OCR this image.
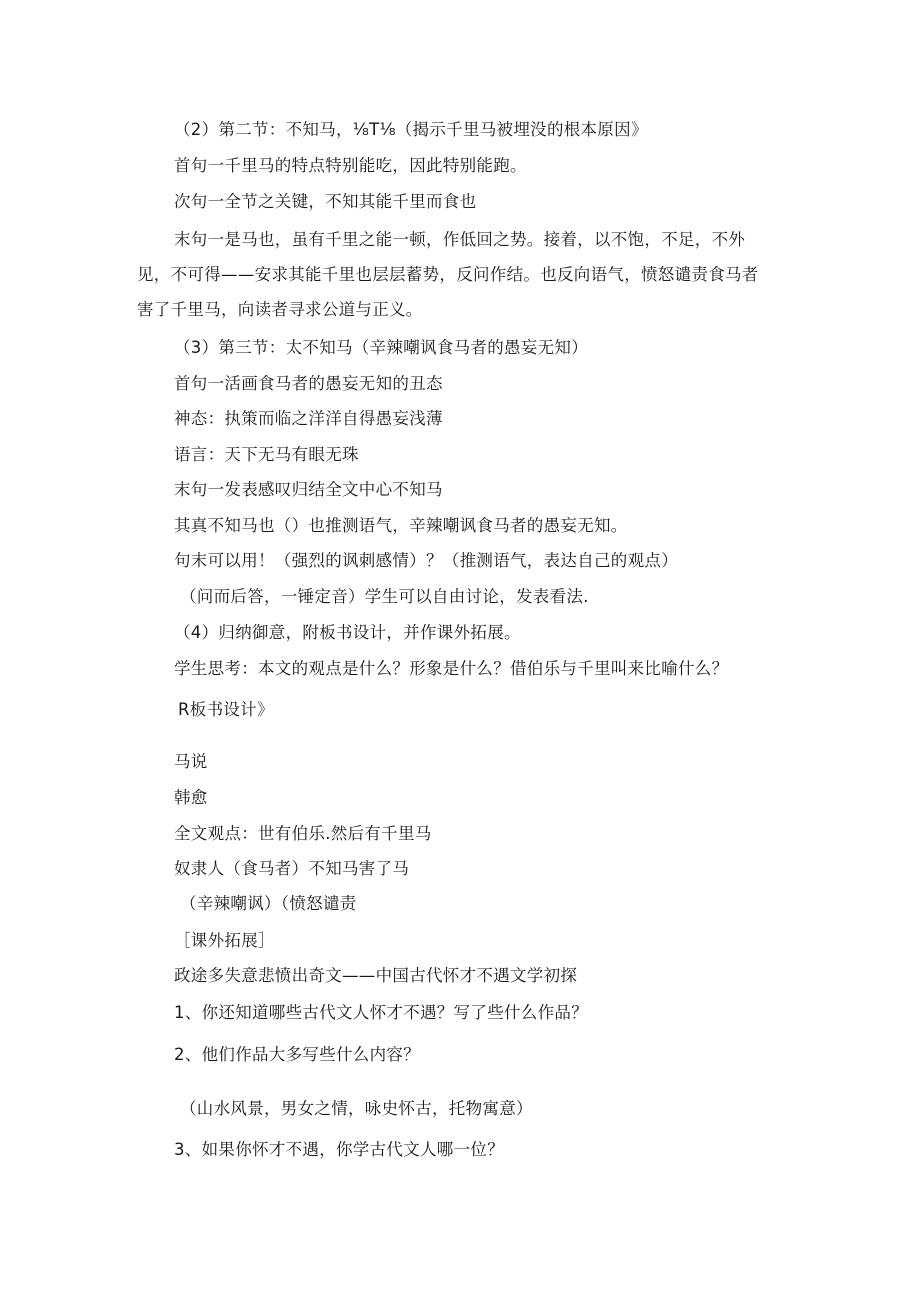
（2）第二节：不知马，⅛T⅛（揭示千里马被埋没的根本原因》
首句一千里马的特点特别能吃，因此特别能跑。
次句一全节之关键，不知其能千里而食也
末句一是马也，虽有千里之能一顿，作低回之势。接着，以不饱，不足，不外
见，不可得——安求其能千里也层层蓄势，反问作结。也反向语气，愤怒谴责食马者
害了千里马，向读者寻求公道与正义。
（3）第三节：太不知马（辛辣嘲讽食马者的愚妄无知）
首句一活画食马者的愚妄无知的丑态
神态：执策而临之洋洋自得愚妄浅薄
语言：天下无马有眼无珠
末句一发表感叹归结全文中心不知马
其真不知马也（）也推测语气，辛辣嘲讽食马者的愚妄无知。
句末可以用！（强烈的讽刺感情）？（推测语气，表达自己的观点）
（问而后答，一锤定音）学生可以自由讨论，发表看法.
（4）归纳御意，附板书设计，并作课外拓展。
学生思考：本文的观点是什么？形象是什么？借伯乐与千里叫来比喻什么？
R板书设计》
马说
韩愈
全文观点：世有伯乐.然后有千里马
奴隶人（食马者）不知马害了马
（辛辣嘲讽）（愤怒谴责
［课外拓展］
政途多失意悲愤出奇文——中国古代怀才不遇文学初探
1、你还知道哪些古代文人怀才不遇？写了些什么作品？
2、他们作品大多写些什么内容？
（山水风景，男女之情，咏史怀古，托物寓意）
3、如果你怀才不遇，你学古代文人哪一位？
